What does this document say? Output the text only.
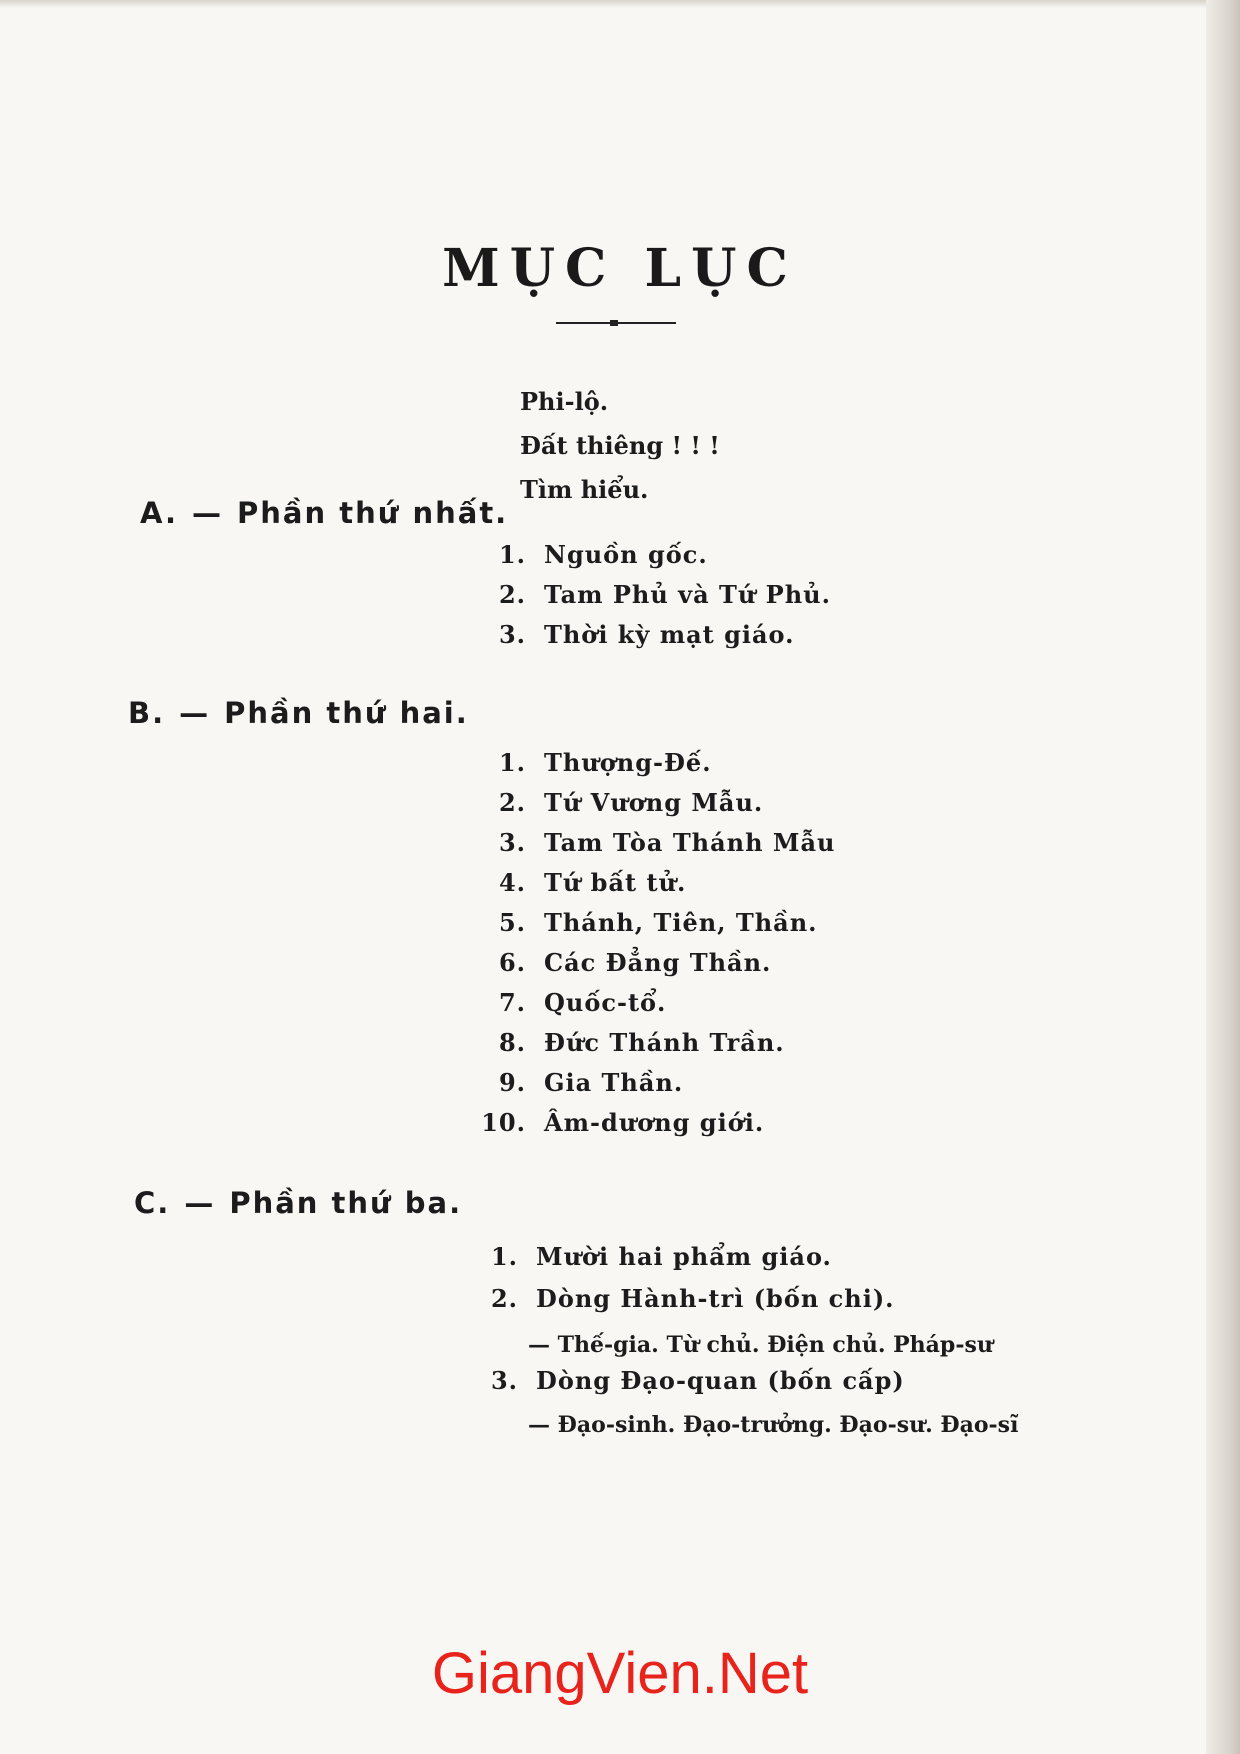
MỤC LỤC
Phi-lộ.
Đất thiêng ! ! !
Tìm hiểu.
A. — Phần thứ nhất.
1. Nguồn gốc.
2. Tam Phủ và Tứ Phủ.
3. Thời kỳ mạt giáo.
B. — Phần thứ hai.
1. Thượng-Đế.
2. Tứ Vương Mẫu.
3. Tam Tòa Thánh Mẫu
4. Tứ bất tử.
5. Thánh, Tiên, Thần.
6. Các Đẳng Thần.
7. Quốc-tổ.
8. Đức Thánh Trần.
9. Gia Thần.
10. Âm-dương giới.
C. — Phần thứ ba.
1. Mười hai phẩm giáo.
2. Dòng Hành-trì (bốn chi).
— Thế-gia. Từ chủ. Điện chủ. Pháp-sư
3. Dòng Đạo-quan (bốn cấp)
— Đạo-sinh. Đạo-trưởng. Đạo-sư. Đạo-sĩ
GiangVien.Net
